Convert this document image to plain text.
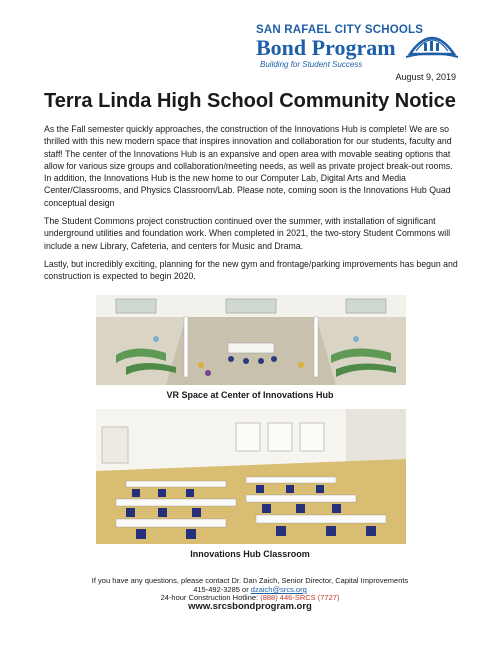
SAN RAFAEL CITY SCHOOLS
Bond Program
Building for Student Success
August 9, 2019
Terra Linda High School Community Notice

As the Fall semester quickly approaches, the construction of the Innovations Hub is complete! We are so thrilled with this new modern space that inspires innovation and collaboration for our students, faculty and staff! The center of the Innovations Hub is an expansive and open area with movable seating options that allow for various size groups and collaboration/meeting needs, as well as private project break-out rooms. In addition, the Innovations Hub is the new home to our Computer Lab, Digital Arts and Media Center/Classrooms, and Physics Classroom/Lab. Please note, coming soon is the Innovations Hub Quad conceptual design

The Student Commons project construction continued over the summer, with installation of significant underground utilities and foundation work. When completed in 2021, the two-story Student Commons will include a new Library, Cafeteria, and centers for Music and Drama.

Lastly, but incredibly exciting, planning for the new gym and frontage/parking improvements has begun and construction is expected to begin 2020.

VR Space at Center of Innovations Hub
Innovations Hub Classroom
If you have any questions, please contact Dr. Dan Zaich, Senior Director, Capital Improvements
415-492-3285 or dzaich@srcs.org
24-hour Construction Hotline: (888) 446-SRCS (7727)
www.srcsbondprogram.org
